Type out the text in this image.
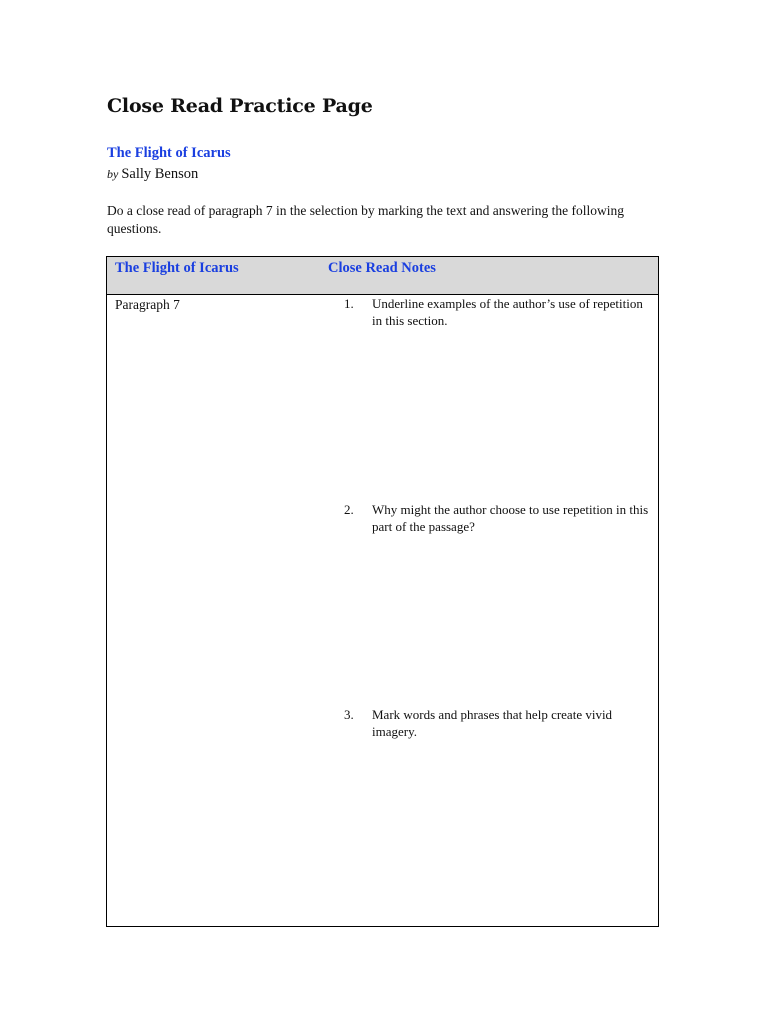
Close Read Practice Page
The Flight of Icarus
by Sally Benson
Do a close read of paragraph 7 in the selection by marking the text and answering the following questions.
The Flight of Icarus	Close Read Notes
Paragraph 7	1. Underline examples of the author’s use of repetition in this section.
2. Why might the author choose to use repetition in this part of the passage?
3. Mark words and phrases that help create vivid imagery.
